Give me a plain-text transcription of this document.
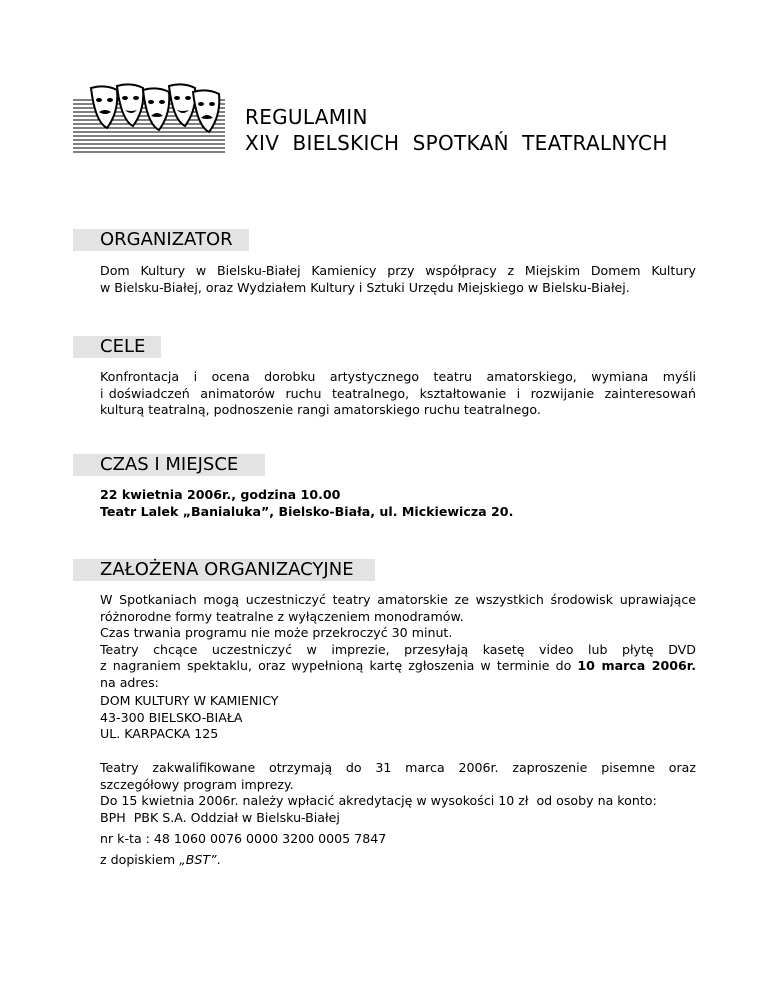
REGULAMIN
XIV  BIELSKICH  SPOTKAŃ  TEATRALNYCH
ORGANIZATOR
Dom  Kultury  w  Bielsku-Białej  Kamienicy  przy  współpracy  z  Miejskim  Domem  Kultury
w Bielsku-Białej, oraz Wydziałem Kultury i Sztuki Urzędu Miejskiego w Bielsku-Białej.
CELE
Konfrontacja  i  ocena  dorobku  artystycznego  teatru  amatorskiego,  wymiana  myśli
i doświadczeń  animatorów  ruchu  teatralnego,  kształtowanie  i  rozwijanie  zainteresowań
kulturą teatralną, podnoszenie rangi amatorskiego ruchu teatralnego.
CZAS I MIEJSCE
22 kwietnia 2006r., godzina 10.00
Teatr Lalek „Banialuka”, Bielsko-Biała, ul. Mickiewicza 20.
ZAŁOŻENA ORGANIZACYJNE
W Spotkaniach mogą uczestniczyć teatry amatorskie ze wszystkich środowisk uprawiające
różnorodne formy teatralne z wyłączeniem monodramów.
Czas trwania programu nie może przekroczyć 30 minut.
Teatry  chcące  uczestniczyć  w  imprezie,  przesyłają  kasetę  video  lub  płytę  DVD
z nagraniem spektaklu, oraz wypełnioną kartę zgłoszenia w terminie do 10 marca 2006r.
na adres:
DOM KULTURY W KAMIENICY
43-300 BIELSKO-BIAŁA
UL. KARPACKA 125
Teatry  zakwalifikowane  otrzymają  do  31  marca  2006r.  zaproszenie  pisemne  oraz
szczegółowy program imprezy.
Do 15 kwietnia 2006r. należy wpłacić akredytację w wysokości 10 zł  od osoby na konto:
BPH  PBK S.A. Oddział w Bielsku-Białej
nr k-ta : 48 1060 0076 0000 3200 0005 7847
z dopiskiem „BST”.
